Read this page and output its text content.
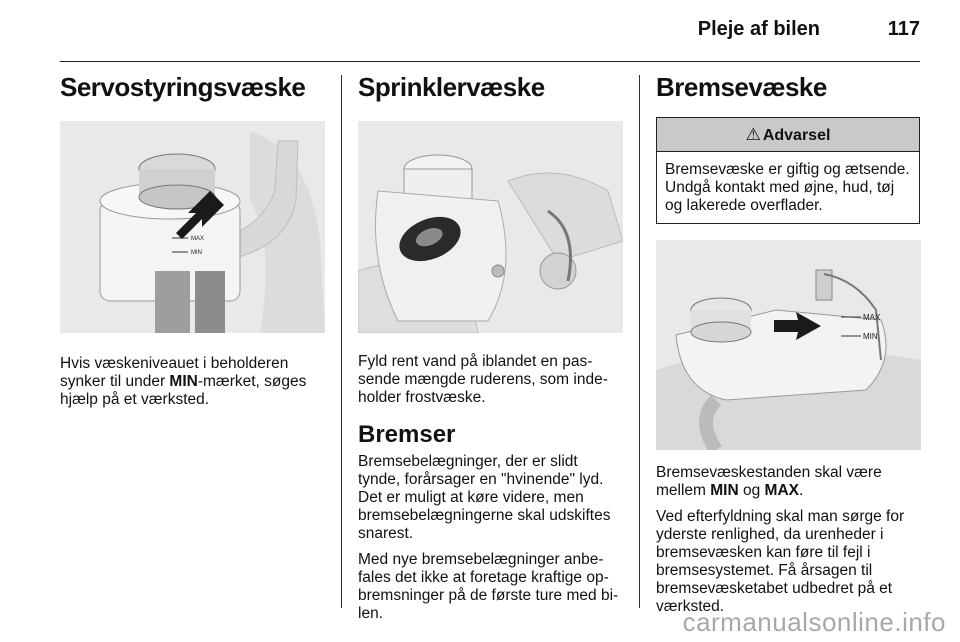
Pleje af bilen	117
Servostyringsvæske
MAX
MIN

Hvis væskeniveauet i beholderen synker til under MIN-mærket, søges hjælp på et værksted.

Sprinklervæske

Fyld rent vand på iblandet en passende mængde ruderens, som indeholder frostvæske.

Bremser

Bremsebelægninger, der er slidt tynde, forårsager en "hvinende" lyd. Det er muligt at køre videre, men bremsebelægningerne skal udskiftes snarest.

Med nye bremsebelægninger anbefales det ikke at foretage kraftige opbremsninger på de første ture med bilen.

Bremsevæske
⚠ Advarsel
Bremsevæske er giftig og ætsende. Undgå kontakt med øjne, hud, tøj og lakerede overflader.
MAX
MIN

Bremsevæskestanden skal være mellem MIN og MAX.

Ved efterfyldning skal man sørge for yderste renlighed, da urenheder i bremsevæsken kan føre til fejl i bremsesystemet. Få årsagen til bremsevæsketabet udbedret på et værksted.

carmanualsonline.info
